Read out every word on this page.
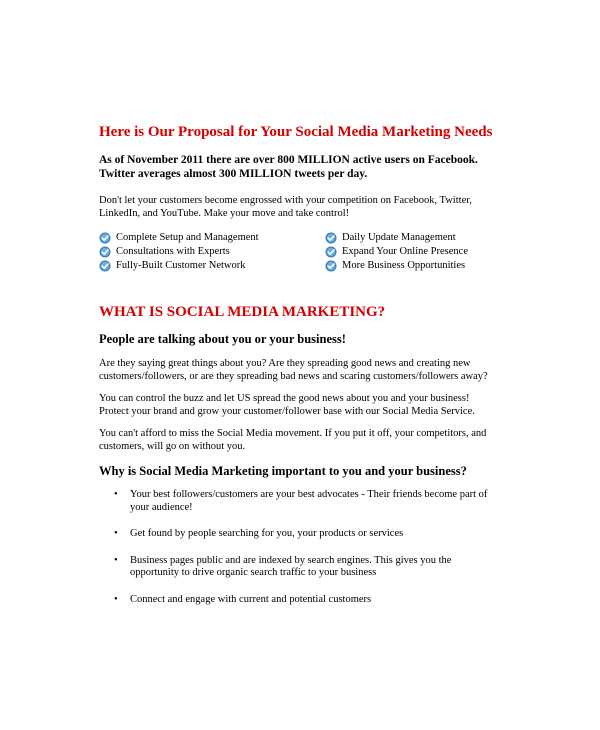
Here is Our Proposal for Your Social Media Marketing Needs
As of November 2011 there are over 800 MILLION active users on Facebook.
Twitter averages almost 300 MILLION tweets per day.

Don't let your customers become engrossed with your competition on Facebook, Twitter, LinkedIn, and YouTube. Make your move and take control!

Complete Setup and Management	Daily Update Management
Consultations with Experts	Expand Your Online Presence
Fully-Built Customer Network	More Business Opportunities
WHAT IS SOCIAL MEDIA MARKETING?
People are talking about you or your business!

Are they saying great things about you? Are they spreading good news and creating new customers/followers, or are they spreading bad news and scaring customers/followers away?

You can control the buzz and let US spread the good news about you and your business! Protect your brand and grow your customer/follower base with our Social Media Service.

You can't afford to miss the Social Media movement. If you put it off, your competitors, and customers, will go on without you.

Why is Social Media Marketing important to you and your business?
• Your best followers/customers are your best advocates - Their friends become part of your audience!
• Get found by people searching for you, your products or services
• Business pages public and are indexed by search engines. This gives you the opportunity to drive organic search traffic to your business
• Connect and engage with current and potential customers
